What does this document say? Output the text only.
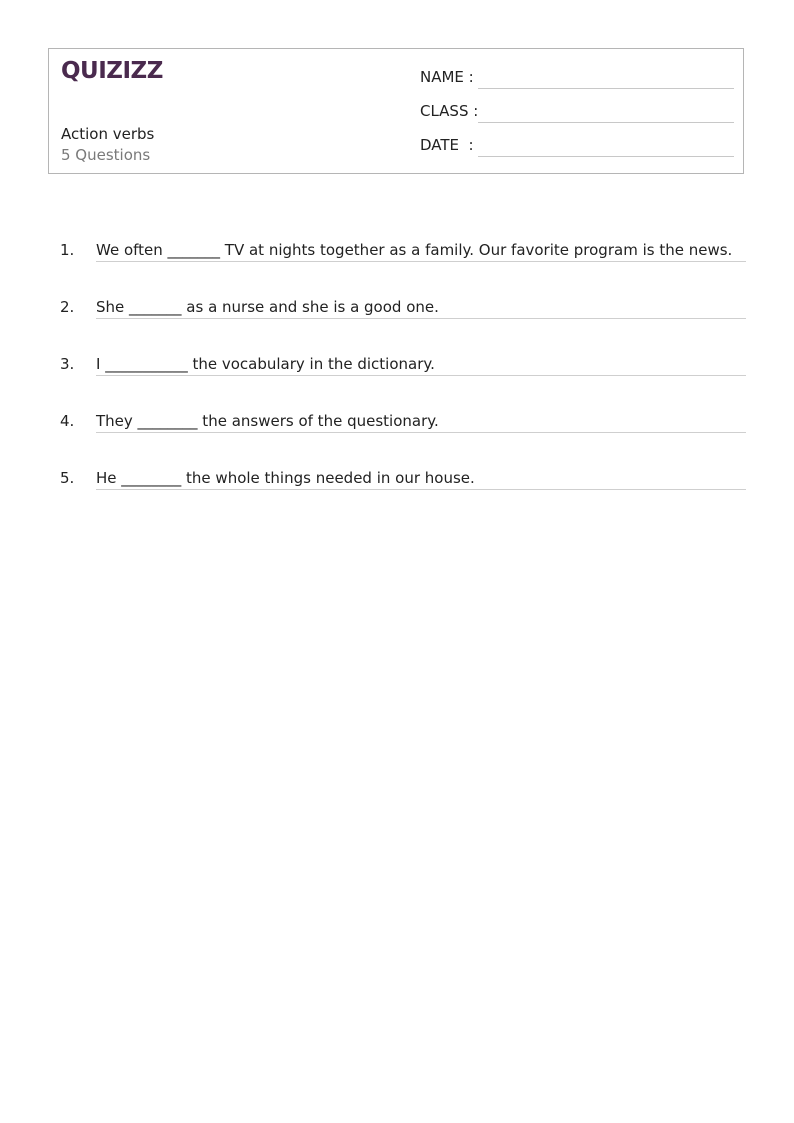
QUIZIZZ
Action verbs
5 Questions
NAME :
CLASS :
DATE  :
1. We often _______ TV at nights together as a family. Our favorite program is the news.
2. She _______ as a nurse and she is a good one.
3. I ___________ the vocabulary in the dictionary.
4. They ________ the answers of the questionary.
5. He ________ the whole things needed in our house.
